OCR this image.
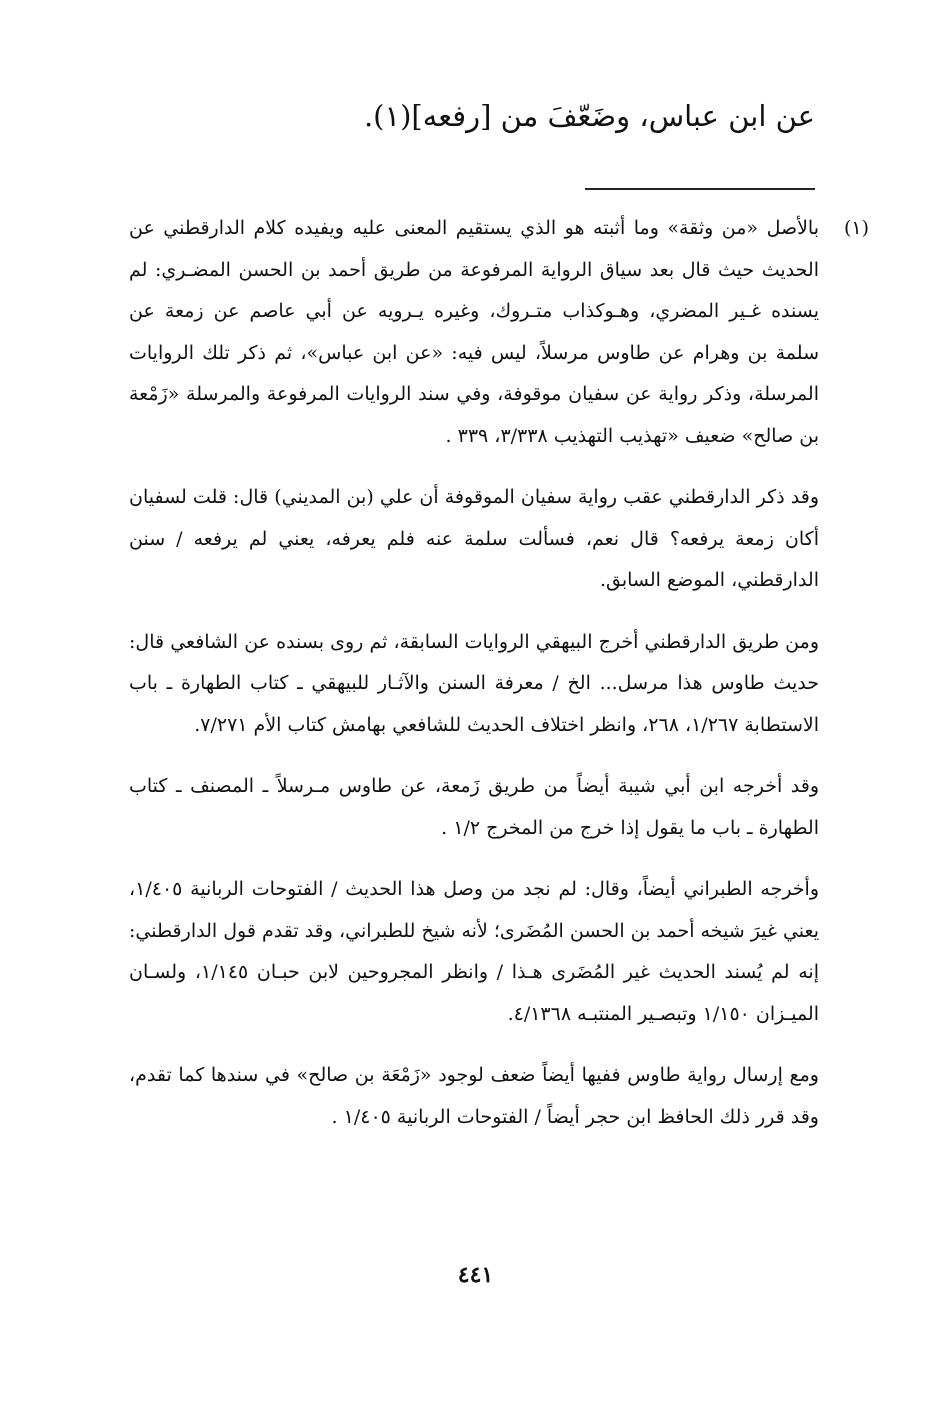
عن ابن عباس، وضَعّفَ من [رفعه](١).

(١)
بالأصل «من وثقة» وما أثبته هو الذي يستقيم المعنى عليه ويفيده كلام الدارقطني عن الحديث حيث قال بعد سياق الرواية المرفوعة من طريق أحمد بن الحسن المضـري: لم يسنده غـير المضري، وهـوكذاب متـروك، وغيره يـرويه عن أبي عاصم عن زمعة عن سلمة بن وهرام عن طاوس مرسلاً، ليس فيه: «عن ابن عباس»، ثم ذكر تلك الروايات المرسلة، وذكر رواية عن سفيان موقوفة، وفي سند الروايات المرفوعة والمرسلة «زَمْعة بن صالح» ضعيف «تهذيب التهذيب ٣/٣٣٨، ٣٣٩ .

وقد ذكر الدارقطني عقب رواية سفيان الموقوفة أن علي (بن المديني) قال: قلت لسفيان أكان زمعة يرفعه؟ قال نعم، فسألت سلمة عنه فلم يعرفه، يعني لم يرفعه / سنن الدارقطني، الموضع السابق.

ومن طريق الدارقطني أخرج البيهقي الروايات السابقة، ثم روى بسنده عن الشافعي قال: حديث طاوس هذا مرسل... الخ / معرفة السنن والآثـار للبيهقي ـ كتاب الطهارة ـ باب الاستطابة ١/٢٦٧، ٢٦٨، وانظر اختلاف الحديث للشافعي بهامش كتاب الأم ٧/٢٧١.

وقد أخرجه ابن أبي شيبة أيضاً من طريق زَمعة، عن طاوس مـرسلاً ـ المصنف ـ كتاب الطهارة ـ باب ما يقول إذا خرج من المخرج ١/٢ .

وأخرجه الطبراني أيضاً، وقال: لم نجد من وصل هذا الحديث / الفتوحات الربانية ١/٤٠٥، يعني غيرَ شيخه أحمد بن الحسن المُضَرى؛ لأنه شيخ للطبراني، وقد تقدم قول الدارقطني: إنه لم يُسند الحديث غير المُضَرى هـذا / وانظر المجروحين لابن حبـان ١/١٤٥، ولسـان الميـزان ١/١٥٠ وتبصـير المنتبـه ٤/١٣٦٨.

ومع إرسال رواية طاوس ففيها أيضاً ضعف لوجود «زَمْعَة بن صالح» في سندها كما تقدم، وقد قرر ذلك الحافظ ابن حجر أيضاً / الفتوحات الربانية ١/٤٠٥ .

٤٤١
